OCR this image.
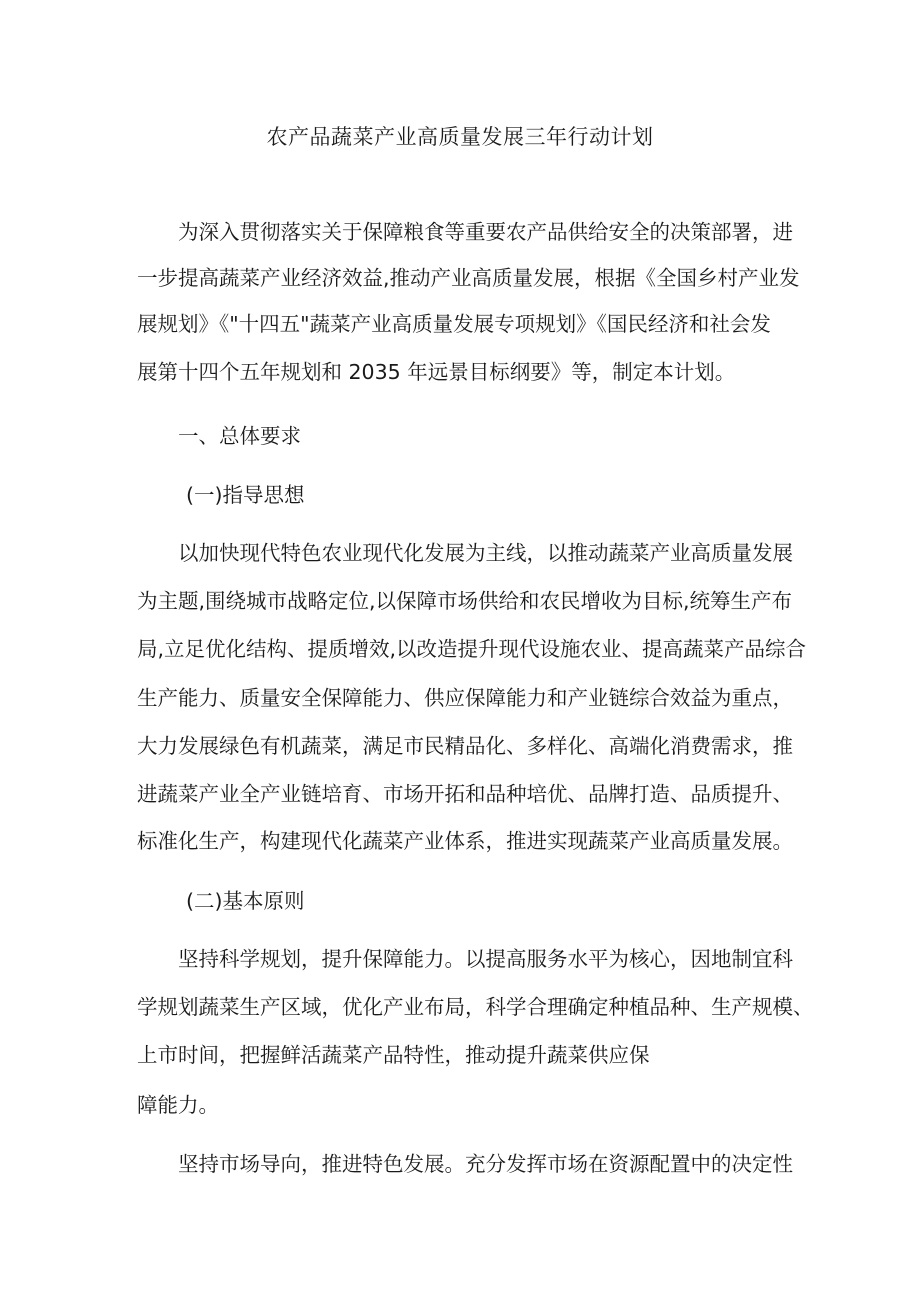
农产品蔬菜产业高质量发展三年行动计划
为深入贯彻落实关于保障粮食等重要农产品供给安全的决策部署，进
一步提高蔬菜产业经济效益,推动产业高质量发展，根据《全国乡村产业发
展规划》《"十四五"蔬菜产业高质量发展专项规划》《国民经济和社会发
展第十四个五年规划和 2035 年远景目标纲要》等，制定本计划。
一、总体要求
(一)指导思想
以加快现代特色农业现代化发展为主线，以推动蔬菜产业高质量发展
为主题,围绕城市战略定位,以保障市场供给和农民增收为目标,统筹生产布
局,立足优化结构、提质增效,以改造提升现代设施农业、提高蔬菜产品综合
生产能力、质量安全保障能力、供应保障能力和产业链综合效益为重点，
大力发展绿色有机蔬菜，满足市民精品化、多样化、高端化消费需求，推
进蔬菜产业全产业链培育、市场开拓和品种培优、品牌打造、品质提升、
标准化生产，构建现代化蔬菜产业体系，推进实现蔬菜产业高质量发展。
(二)基本原则
坚持科学规划，提升保障能力。以提高服务水平为核心，因地制宜科
学规划蔬菜生产区域，优化产业布局，科学合理确定种植品种、生产规模、
上市时间，把握鲜活蔬菜产品特性，推动提升蔬菜供应保
障能力。
坚持市场导向，推进特色发展。充分发挥市场在资源配置中的决定性
